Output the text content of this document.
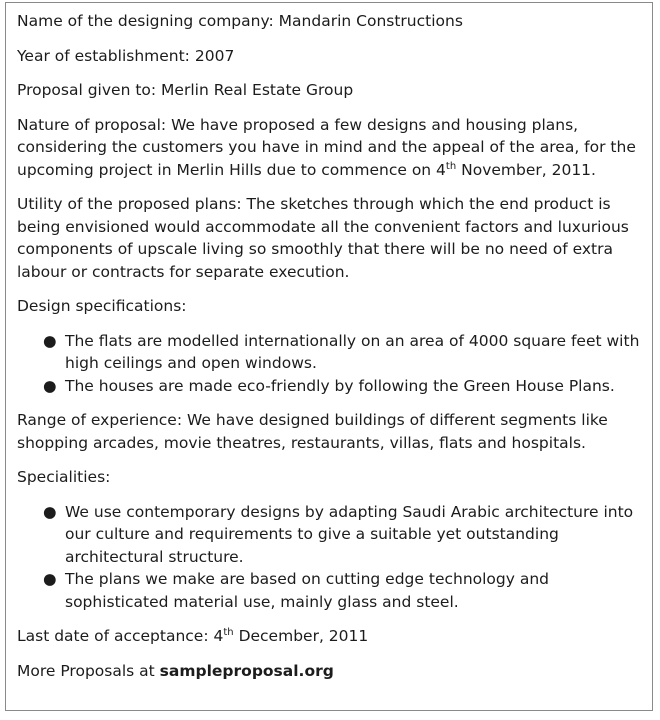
Name of the designing company: Mandarin Constructions

Year of establishment: 2007

Proposal given to: Merlin Real Estate Group

Nature of proposal: We have proposed a few designs and housing plans, considering the customers you have in mind and the appeal of the area, for the upcoming project in Merlin Hills due to commence on 4th November, 2011.

Utility of the proposed plans: The sketches through which the end product is being envisioned would accommodate all the convenient factors and luxurious components of upscale living so smoothly that there will be no need of extra labour or contracts for separate execution.

Design specifications:

● The flats are modelled internationally on an area of 4000 square feet with high ceilings and open windows.
● The houses are made eco-friendly by following the Green House Plans.

Range of experience: We have designed buildings of different segments like shopping arcades, movie theatres, restaurants, villas, flats and hospitals.

Specialities:

● We use contemporary designs by adapting Saudi Arabic architecture into our culture and requirements to give a suitable yet outstanding architectural structure.
● The plans we make are based on cutting edge technology and sophisticated material use, mainly glass and steel.

Last date of acceptance: 4th December, 2011

More Proposals at sampleproposal.org
